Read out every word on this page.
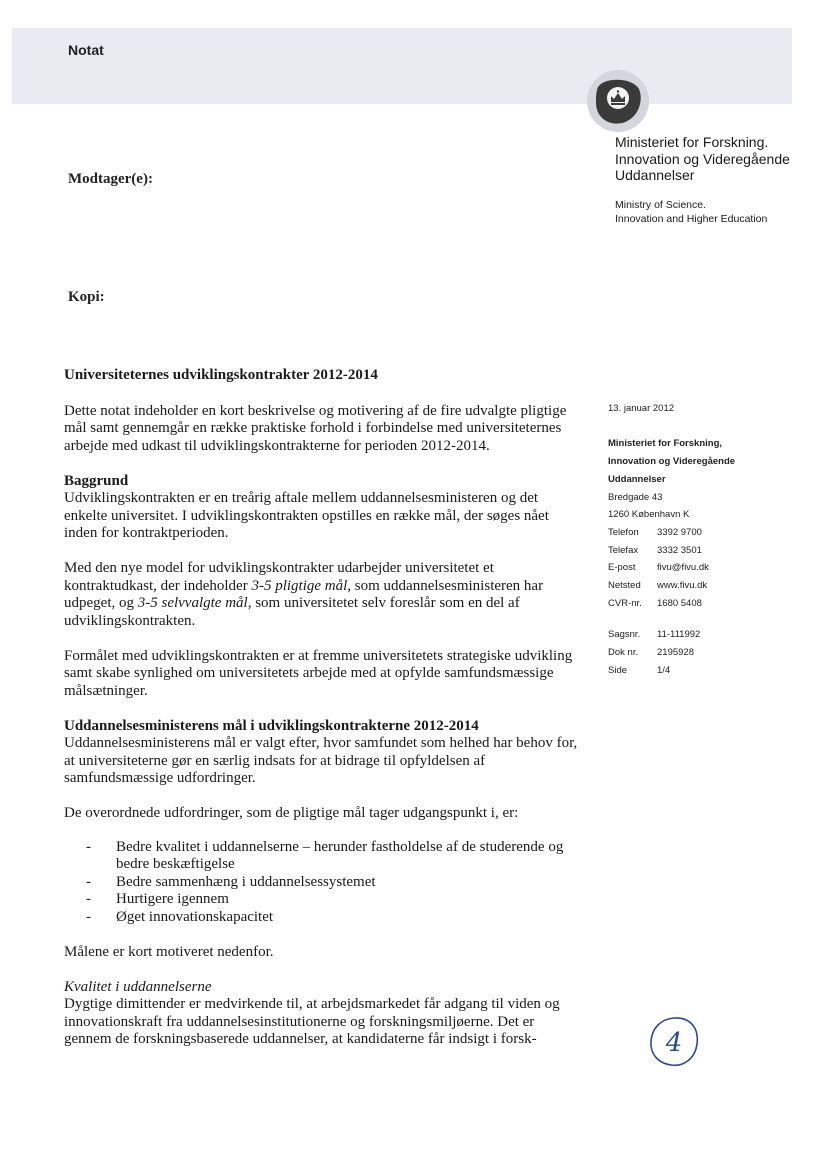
Notat
Ministeriet for Forskning.
Innovation og Videregående
Uddannelser
Ministry of Science.
Innovation and Higher Education
Modtager(e):
Kopi:

Universiteternes udviklingskontrakter 2012-2014

Dette notat indeholder en kort beskrivelse og motivering af de fire udvalgte pligtige mål samt gennemgår en række praktiske forhold i forbindelse med universiteternes arbejde med udkast til udviklingskontrakterne for perioden 2012-2014.

Baggrund

Udviklingskontrakten er en treårig aftale mellem uddannelsesministeren og det enkelte universitet. I udviklingskontrakten opstilles en række mål, der søges nået inden for kontraktperioden.

Med den nye model for udviklingskontrakter udarbejder universitetet et kontraktudkast, der indeholder 3-5 pligtige mål, som uddannelsesministeren har udpeget, og 3-5 selvvalgte mål, som universitetet selv foreslår som en del af udviklingskontrakten.

Formålet med udviklingskontrakten er at fremme universitetets strategiske udvikling samt skabe synlighed om universitetets arbejde med at opfylde samfundsmæssige målsætninger.

Uddannelsesministerens mål i udviklingskontrakterne 2012-2014

Uddannelsesministerens mål er valgt efter, hvor samfundet som helhed har behov for, at universiteterne gør en særlig indsats for at bidrage til opfyldelsen af samfundsmæssige udfordringer.

De overordnede udfordringer, som de pligtige mål tager udgangspunkt i, er:

- Bedre kvalitet i uddannelserne – herunder fastholdelse af de studerende og bedre beskæftigelse
- Bedre sammenhæng i uddannelsessystemet
- Hurtigere igennem
- Øget innovationskapacitet

Målene er kort motiveret nedenfor.

Kvalitet i uddannelserne

Dygtige dimittender er medvirkende til, at arbejdsmarkedet får adgang til viden og innovationskraft fra uddannelsesinstitutionerne og forskningsmiljøerne. Det er gennem de forskningsbaserede uddannelser, at kandidaterne får indsigt i forsk-

13. januar 2012
Ministeriet for Forskning,
Innovation og Videregående
Uddannelser
Bredgade 43
1260 København K
Telefon	3392 9700
Telefax	3332 3501
E-post	fivu@fivu.dk
Netsted	www.fivu.dk
CVR-nr.	1680 5408
Sagsnr.	11-111992
Dok nr.	2195928
Side	1/4
4
